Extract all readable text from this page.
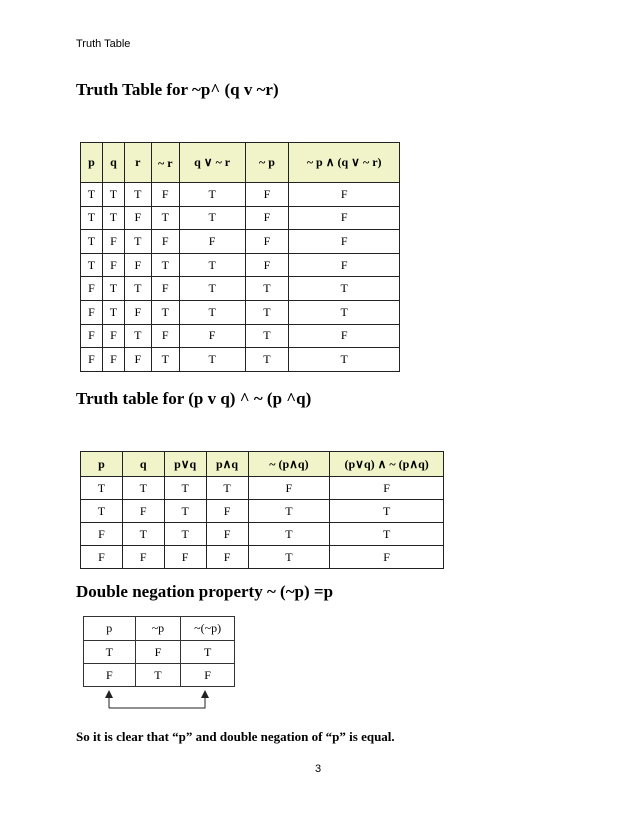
Truth Table
Truth Table for ~p^ (q v ~r)
p	q	r	~ r	q ∨ ~ r	~ p	~ p ∧ (q ∨ ~ r)
T	T	T	F	T	F	F
T	T	F	T	T	F	F
T	F	T	F	F	F	F
T	F	F	T	T	F	F
F	T	T	F	T	T	T
F	T	F	T	T	T	T
F	F	T	F	F	T	F
F	F	F	T	T	T	T
Truth table for (p v q) ^ ~ (p ^q)
p	q	p∨q	p∧q	~ (p∧q)	(p∨q) ∧ ~ (p∧q)
T	T	T	T	F	F
T	F	T	F	T	T
F	T	T	F	T	T
F	F	F	F	T	F
Double negation property ~ (~p) =p
p	~p	~(~p)
T	F	T
F	T	F
So it is clear that “p” and double negation of “p” is equal.
3
